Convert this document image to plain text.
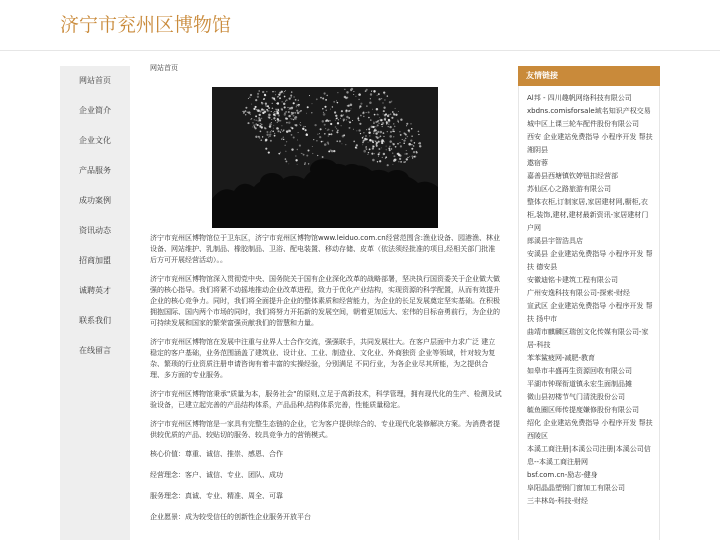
济宁市兖州区博物馆
网站首页
企业简介
企业文化
产品服务
成功案例
资讯动态
招商加盟
诚聘英才
联系我们
在线留言
网站首页

济宁市兖州区博物馆位于卫东区，济宁市兖州区博物馆www.leiduo.com.cn经营范围含:渔业设备、园港渔、林业设备、网站维护、乳制品、橡胶制品、卫浴、配电装置、移动存储、皮革（依法须经批准的项目,经相关部门批准后方可开展经营活动）。。

济宁市兖州区博物馆深入贯彻党中央、国务院关于国有企业深化改革的战略部署，坚决执行国资委关于企业做大做强的核心指导。我们将紧不动摇地推动企业改革进程，致力于优化产业结构，实现资源的科学配置，从而有效提升企业的核心竞争力。同时，我们将全面提升企业的整体素质和经营能力，为企业的长足发展奠定坚实基础。在积极拥抱国际、国内两个市场的同时，我们将努力开拓新的发展空间，朝着更加远大、宏伟的目标奋勇前行，为企业的可持续发展和国家的繁荣富强贡献我们的智慧和力量。

济宁市兖州区博物馆在发展中注重与业界人士合作交流，强强联手，共同发展壮大。在客户层面中力求广泛 建立稳定的客户基础，业务范围涵盖了建筑业、设计业、工业、制造业、文化业、外商独资 企业等领域，针对较为复杂、繁琐的行业资质注册申请咨询有着丰富的实操经验，分别满足 不同行业，为各企业尽其所能，为之提供合理、多方面的专业服务。

济宁市兖州区博物馆秉承"质量为本，服务社会"的原则,立足于高新技术，科学管理，拥有现代化的生产、检测及试验设备，已建立起完善的产品结构体系，产品品种,结构体系完善，性能质量稳定。

济宁市兖州区博物馆是一家具有完整生态链的企业，它为客户提供综合的、专业现代化装修解决方案。为消费者提供较优质的产品、较贴切的服务、较具竞争力的营销模式。

核心价值：尊重、诚信、推崇、感恩、合作

经营理念：客户、诚信、专业、团队、成功

服务理念：真诚、专业、精准、周全、可靠

企业愿景：成为较受信任的创新性企业服务开放平台

友情链接
Al邦 - 四川趣帆网络科技有限公司
xbdns.comisforsale域名知识产权交易
城中区上课三轮车配件股份有限公司
西安 企业建站免费指导 小程序开发 帮扶 湘阴县
遨宿蓉
嘉善县西塘镇钦婷钮扣经营部
苏仙区心之路旅游有限公司
整体衣柜,订制家居,家居建材网,橱柜,衣柜,装饰,建材,建材最新资讯-家居建材门户网
郎溪县宇智浩具店
安溪县 企业建站免费指导 小程序开发 帮扶 德安县
安徽迪铭卡建筑工程有限公司
广州安逸科技有限公司-探索-财经
宣武区 企业建站免费指导 小程序开发 帮扶 扬中市
曲靖市麒麟区瑞创文化传媒有限公司-家居-科技
苯苯鲨疲网-减肥-教育
如皋市丰盛再生资源回收有限公司
平湖市钟琛衔道镇永宏生面制品摊
微山县初楼节气门清洗股份公司
毓鱼圈区师传提度嫌修股份有限公司
绍化 企业建站免费指导 小程序开发 帮扶 西陵区
本溪工商注册|本溪公司注册|本溪公司信息--本溪工商注册网
bsf.com.cn-励志-健身
阜阳晶晶塑钢门窗加工有限公司
三丰林岛-科技-财经
